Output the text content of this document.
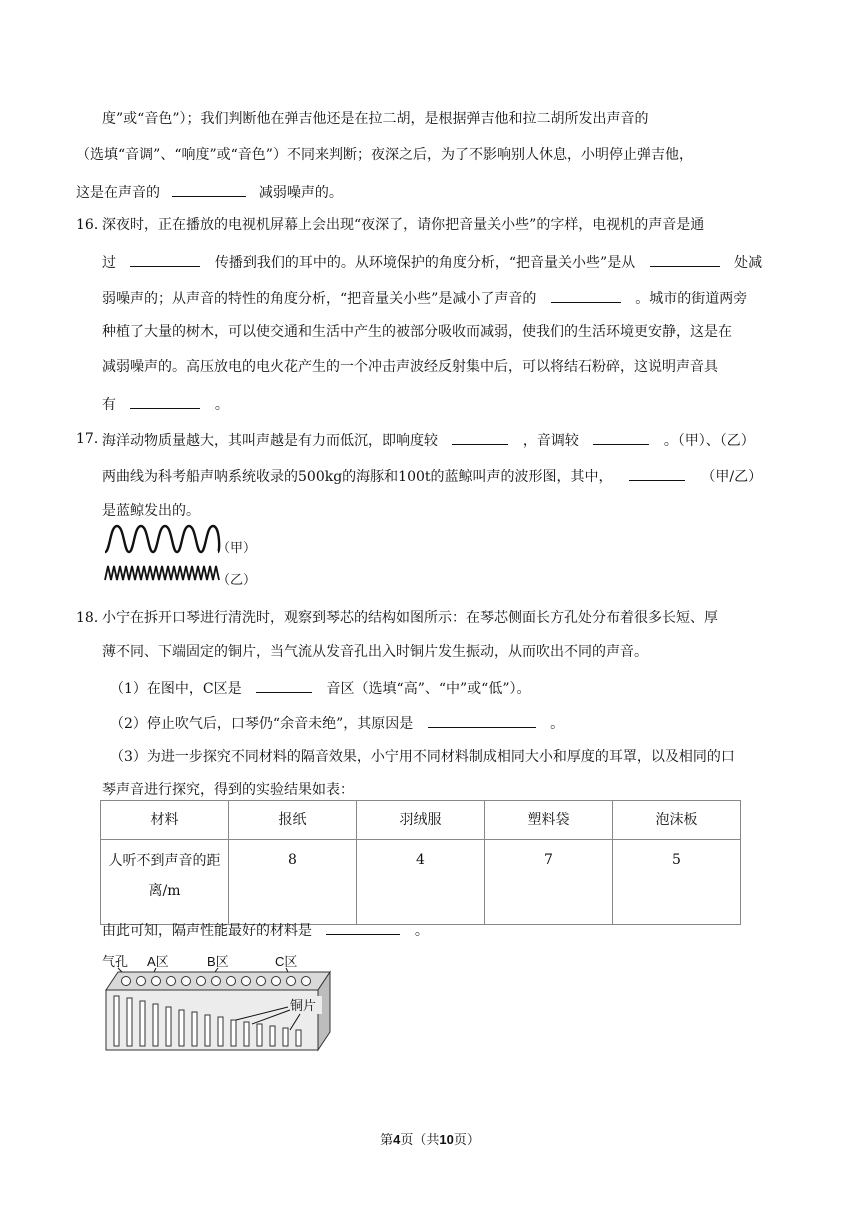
度”或“音色”）；我们判断他在弹吉他还是在拉二胡，是根据弹吉他和拉二胡所发出声音的
（选填“音调”、“响度”或“音色”）不同来判断；夜深之后，为了不影响别人休息，小明停止弹吉他，
这是在声音的	减弱噪声的。
16．
深夜时，正在播放的电视机屏幕上会出现“夜深了，请你把音量关小些”的字样，电视机的声音是通
过	传播到我们的耳中的。从环境保护的角度分析，“把音量关小些”是从	处减
弱噪声的；从声音的特性的角度分析，“把音量关小些”是减小了声音的	。城市的街道两旁
种植了大量的树木，可以使交通和生活中产生的被部分吸收而减弱，使我们的生活环境更安静，这是在
减弱噪声的。高压放电的电火花产生的一个冲击声波经反射集中后，可以将结石粉碎，这说明声音具
有	。
17．
海洋动物质量越大，其叫声越是有力而低沉，即响度较	，音调较	。（甲）、（乙）
两曲线为科考船声呐系统收录的500kg的海豚和100t的蓝鲸叫声的波形图，其中，	（甲/乙）
是蓝鲸发出的。
（甲）
（乙）
18．
小宁在拆开口琴进行清洗时，观察到琴芯的结构如图所示：在琴芯侧面长方孔处分布着很多长短、厚
薄不同、下端固定的铜片，当气流从发音孔出入时铜片发生振动，从而吹出不同的声音。
（1）在图中，C区是	音区（选填“高”、“中”或“低”）。
（2）停止吹气后，口琴仍“余音未绝”，其原因是	。
（3）为进一步探究不同材料的隔音效果，小宁用不同材料制成相同大小和厚度的耳罩，以及相同的口
琴声音进行探究，得到的实验结果如表：
材料	报纸	羽绒服	塑料袋	泡沫板

人听不到声音的距
离/m	8	4	7	5
由此可知，隔声性能最好的材料是	。
气孔 A区	B区	C区
铜片
第4页（共10页）
